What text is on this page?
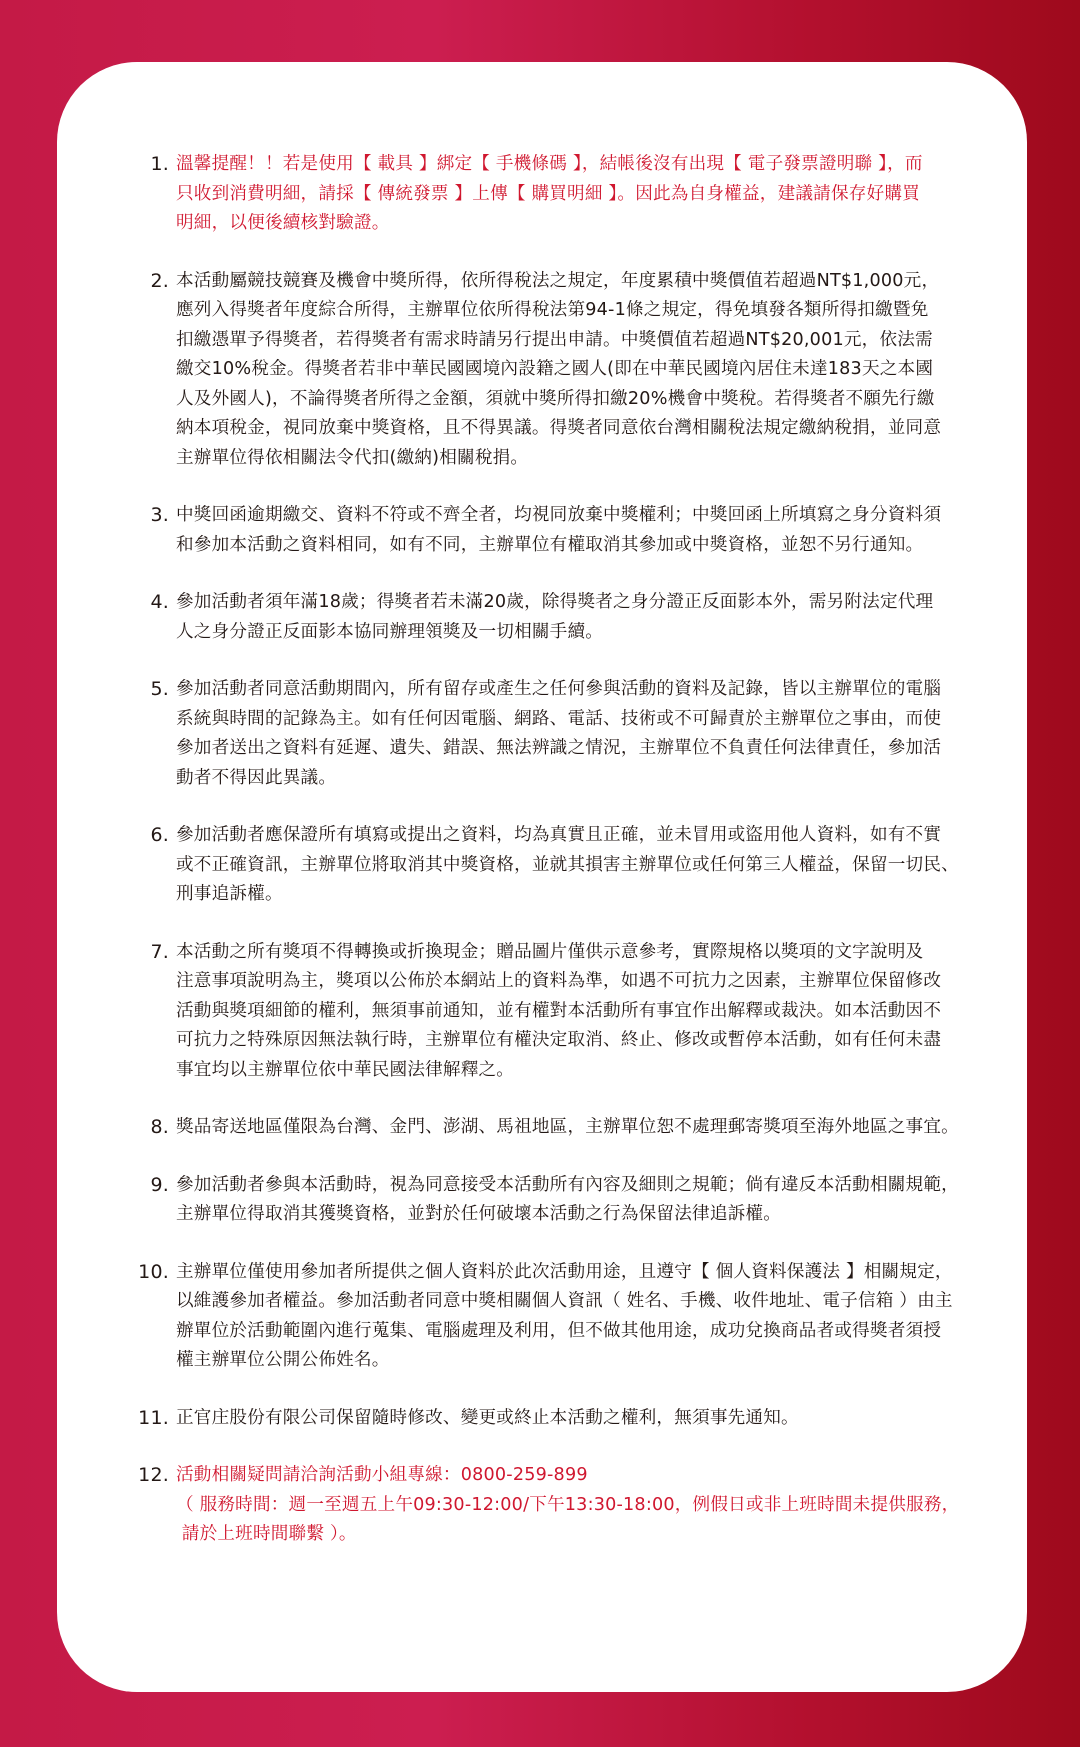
1. 溫馨提醒！！若是使用【 載具 】綁定【 手機條碼 】，結帳後沒有出現【 電子發票證明聯 】，而
只收到消費明細，請採【 傳統發票 】上傳【 購買明細 】。因此為自身權益，建議請保存好購買
明細，以便後續核對驗證。
2. 本活動屬競技競賽及機會中獎所得，依所得稅法之規定，年度累積中獎價值若超過NT$1,000元，
應列入得獎者年度綜合所得，主辦單位依所得稅法第94-1條之規定，得免填發各類所得扣繳暨免
扣繳憑單予得獎者，若得獎者有需求時請另行提出申請。中獎價值若超過NT$20,001元，依法需
繳交10%稅金。得獎者若非中華民國國境內設籍之國人(即在中華民國境內居住未達183天之本國
人及外國人)，不論得獎者所得之金額，須就中獎所得扣繳20%機會中獎稅。若得獎者不願先行繳
納本項稅金，視同放棄中獎資格，且不得異議。得獎者同意依台灣相關稅法規定繳納稅捐，並同意
主辦單位得依相關法令代扣(繳納)相關稅捐。
3. 中獎回函逾期繳交、資料不符或不齊全者，均視同放棄中獎權利；中獎回函上所填寫之身分資料須
和參加本活動之資料相同，如有不同，主辦單位有權取消其參加或中獎資格，並恕不另行通知。
4. 參加活動者須年滿18歲；得獎者若未滿20歲，除得獎者之身分證正反面影本外，需另附法定代理
人之身分證正反面影本協同辦理領獎及一切相關手續。
5. 參加活動者同意活動期間內，所有留存或產生之任何參與活動的資料及記錄，皆以主辦單位的電腦
系統與時間的記錄為主。如有任何因電腦、網路、電話、技術或不可歸責於主辦單位之事由，而使
參加者送出之資料有延遲、遺失、錯誤、無法辨識之情況，主辦單位不負責任何法律責任，參加活
動者不得因此異議。
6. 參加活動者應保證所有填寫或提出之資料，均為真實且正確，並未冒用或盜用他人資料，如有不實
或不正確資訊，主辦單位將取消其中獎資格，並就其損害主辦單位或任何第三人權益，保留一切民、
刑事追訴權。
7. 本活動之所有獎項不得轉換或折換現金；贈品圖片僅供示意參考，實際規格以獎項的文字說明及
注意事項說明為主，獎項以公佈於本網站上的資料為準，如遇不可抗力之因素，主辦單位保留修改
活動與獎項細節的權利，無須事前通知，並有權對本活動所有事宜作出解釋或裁決。如本活動因不
可抗力之特殊原因無法執行時，主辦單位有權決定取消、終止、修改或暫停本活動，如有任何未盡
事宜均以主辦單位依中華民國法律解釋之。
8. 獎品寄送地區僅限為台灣、金門、澎湖、馬祖地區，主辦單位恕不處理郵寄獎項至海外地區之事宜。
9. 參加活動者參與本活動時，視為同意接受本活動所有內容及細則之規範；倘有違反本活動相關規範，
主辦單位得取消其獲獎資格，並對於任何破壞本活動之行為保留法律追訴權。
10. 主辦單位僅使用參加者所提供之個人資料於此次活動用途，且遵守【 個人資料保護法 】相關規定，
以維護參加者權益。參加活動者同意中獎相關個人資訊（ 姓名、手機、收件地址、電子信箱 ）由主
辦單位於活動範圍內進行蒐集、電腦處理及利用，但不做其他用途，成功兌換商品者或得獎者須授
權主辦單位公開公佈姓名。
11. 正官庄股份有限公司保留隨時修改、變更或終止本活動之權利，無須事先通知。
12. 活動相關疑問請洽詢活動小組專線：0800-259-899
（ 服務時間：週一至週五上午09:30-12:00/下午13:30-18:00，例假日或非上班時間未提供服務，
請於上班時間聯繫 ）。
